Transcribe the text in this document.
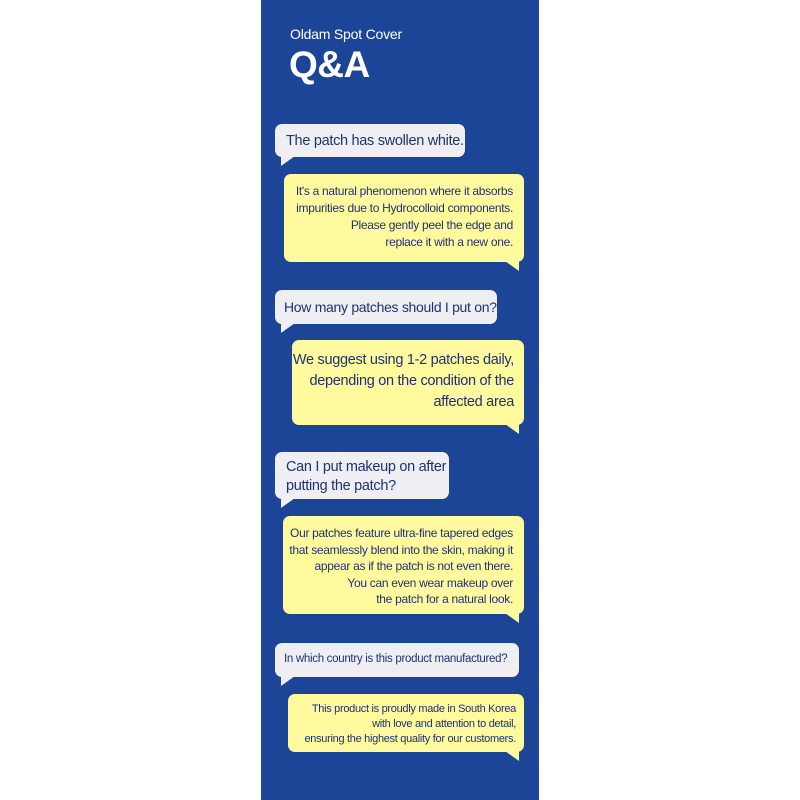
Oldam Spot Cover
Q&A
The patch has swollen white.
It's a natural phenomenon where it absorbs
impurities due to Hydrocolloid components.
Please gently peel the edge and
replace it with a new one.
How many patches should I put on?
We suggest using 1-2 patches daily,
depending on the condition of the
affected area
Can I put makeup on after
putting the patch?
Our patches feature ultra-fine tapered edges
that seamlessly blend into the skin, making it
appear as if the patch is not even there.
You can even wear makeup over
the patch for a natural look.
In which country is this product manufactured?
This product is proudly made in South Korea
with love and attention to detail,
ensuring the highest quality for our customers.
